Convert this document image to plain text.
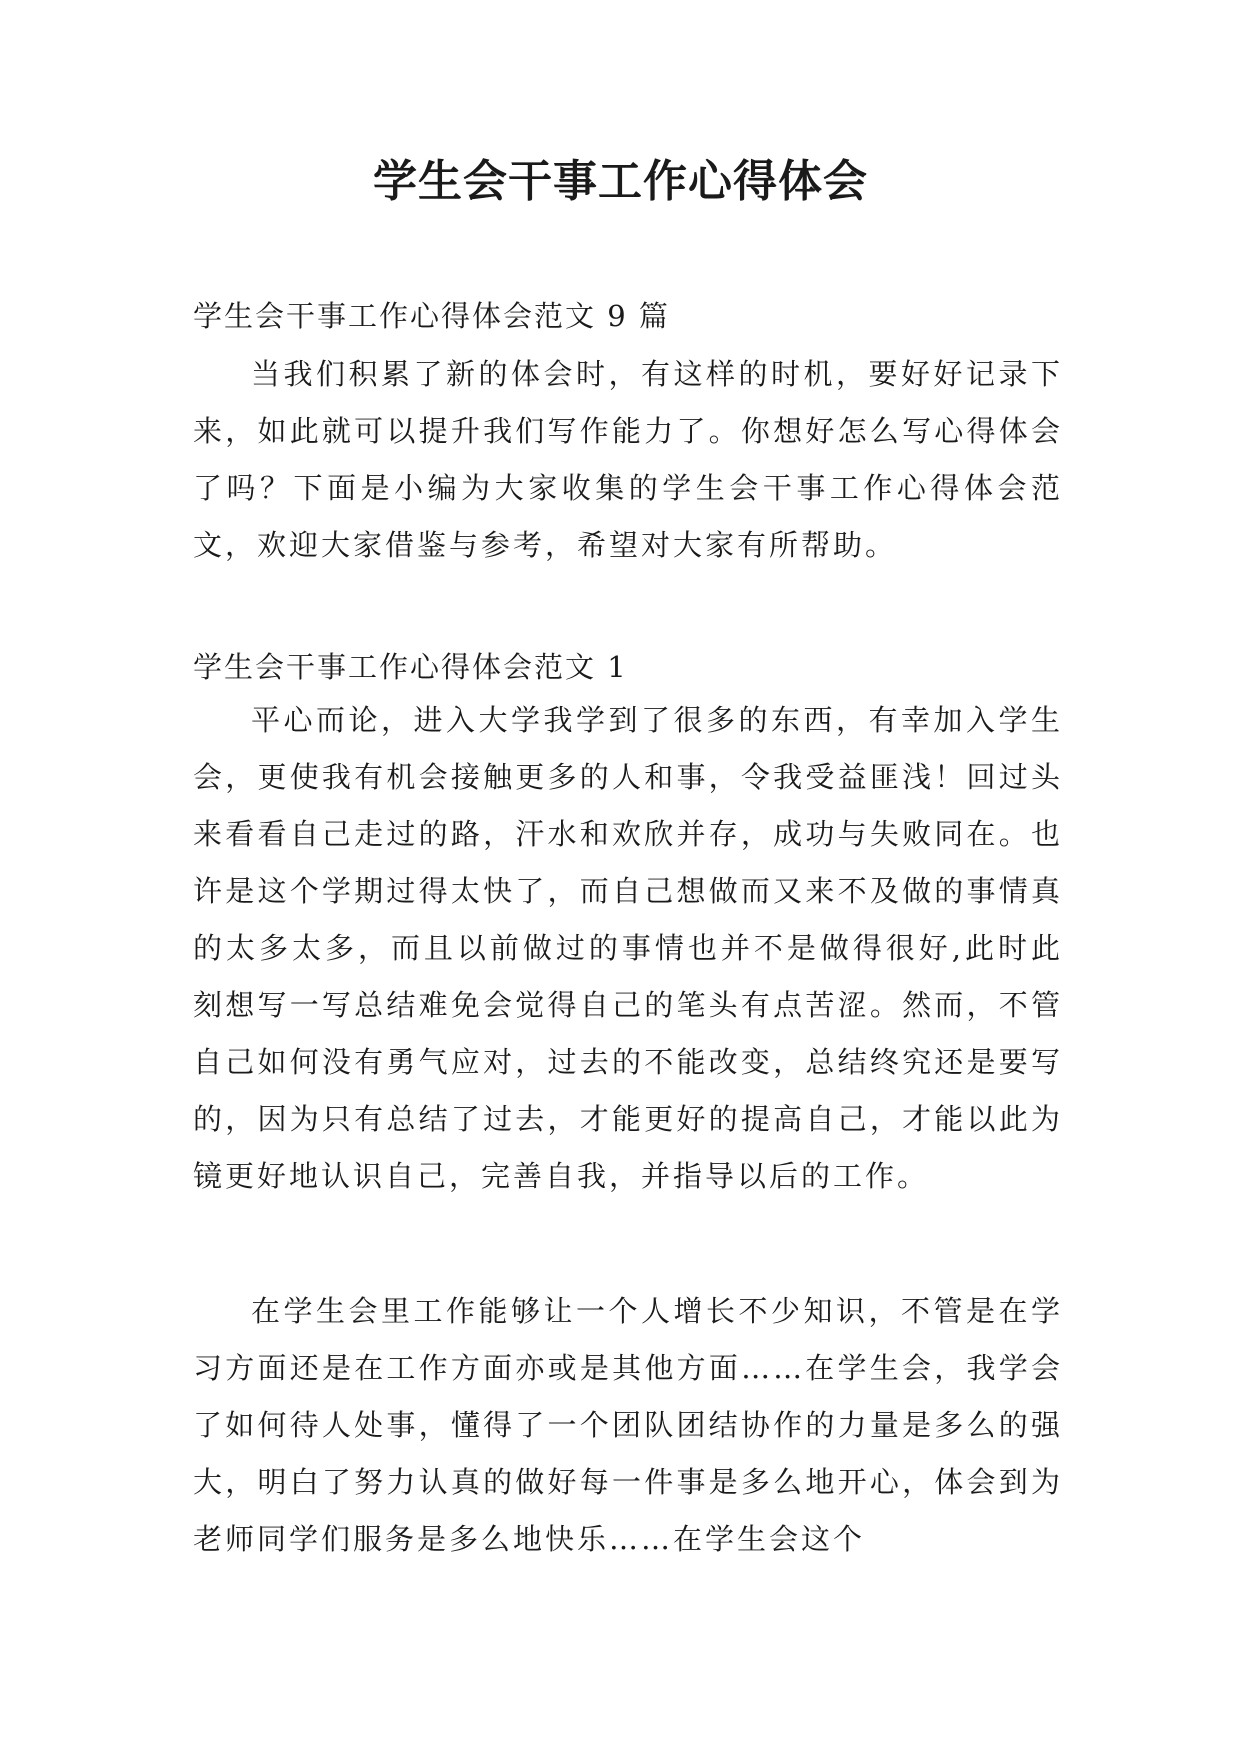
学生会干事工作心得体会
学生会干事工作心得体会范文 9 篇

当我们积累了新的体会时，有这样的时机，要好好记录下来，如此就可以提升我们写作能力了。你想好怎么写心得体会了吗？下面是小编为大家收集的学生会干事工作心得体会范文，欢迎大家借鉴与参考，希望对大家有所帮助。

学生会干事工作心得体会范文 1

平心而论，进入大学我学到了很多的东西，有幸加入学生会，更使我有机会接触更多的人和事，令我受益匪浅！回过头来看看自己走过的路，汗水和欢欣并存，成功与失败同在。也许是这个学期过得太快了，而自己想做而又来不及做的事情真的太多太多，而且以前做过的事情也并不是做得很好,此时此刻想写一写总结难免会觉得自己的笔头有点苦涩。然而，不管自己如何没有勇气应对，过去的不能改变，总结终究还是要写的，因为只有总结了过去，才能更好的提高自己，才能以此为镜更好地认识自己，完善自我，并指导以后的工作。

在学生会里工作能够让一个人增长不少知识，不管是在学习方面还是在工作方面亦或是其他方面……在学生会，我学会了如何待人处事，懂得了一个团队团结协作的力量是多么的强大，明白了努力认真的做好每一件事是多么地开心，体会到为老师同学们服务是多么地快乐……在学生会这个
